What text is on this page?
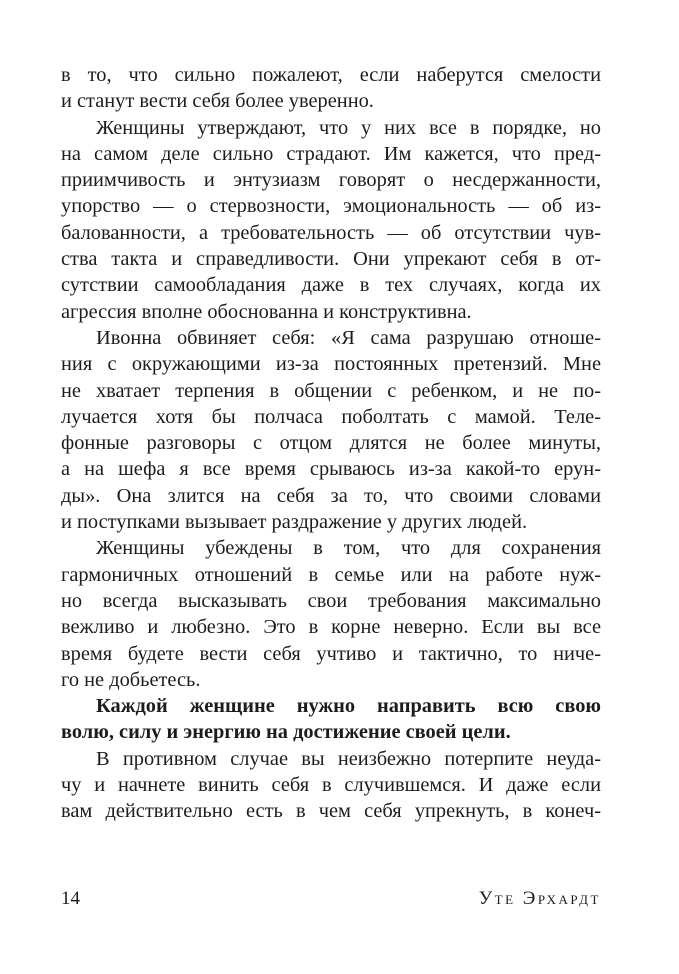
в то, что сильно пожалеют, если наберутся смелости
и станут вести себя более уверенно.
Женщины утверждают, что у них все в порядке, но
на самом деле сильно страдают. Им кажется, что пред-
приимчивость и энтузиазм говорят о несдержанности,
упорство — о стервозности, эмоциональность — об из-
балованности, а требовательность — об отсутствии чув-
ства такта и справедливости. Они упрекают себя в от-
сутствии самообладания даже в тех случаях, когда их
агрессия вполне обоснованна и конструктивна.
Ивонна обвиняет себя: «Я сама разрушаю отноше-
ния с окружающими из-за постоянных претензий. Мне
не хватает терпения в общении с ребенком, и не по-
лучается хотя бы полчаса поболтать с мамой. Теле-
фонные разговоры с отцом длятся не более минуты,
а на шефа я все время срываюсь из-за какой-то ерун-
ды». Она злится на себя за то, что своими словами
и поступками вызывает раздражение у других людей.
Женщины убеждены в том, что для сохранения
гармоничных отношений в семье или на работе нуж-
но всегда высказывать свои требования максимально
вежливо и любезно. Это в корне неверно. Если вы все
время будете вести себя учтиво и тактично, то ниче-
го не добьетесь.
Каждой женщине нужно направить всю свою
волю, силу и энергию на достижение своей цели.
В противном случае вы неизбежно потерпите неуда-
чу и начнете винить себя в случившемся. И даже если
вам действительно есть в чем себя упрекнуть, в конеч-
14	Уте Эрхардт
